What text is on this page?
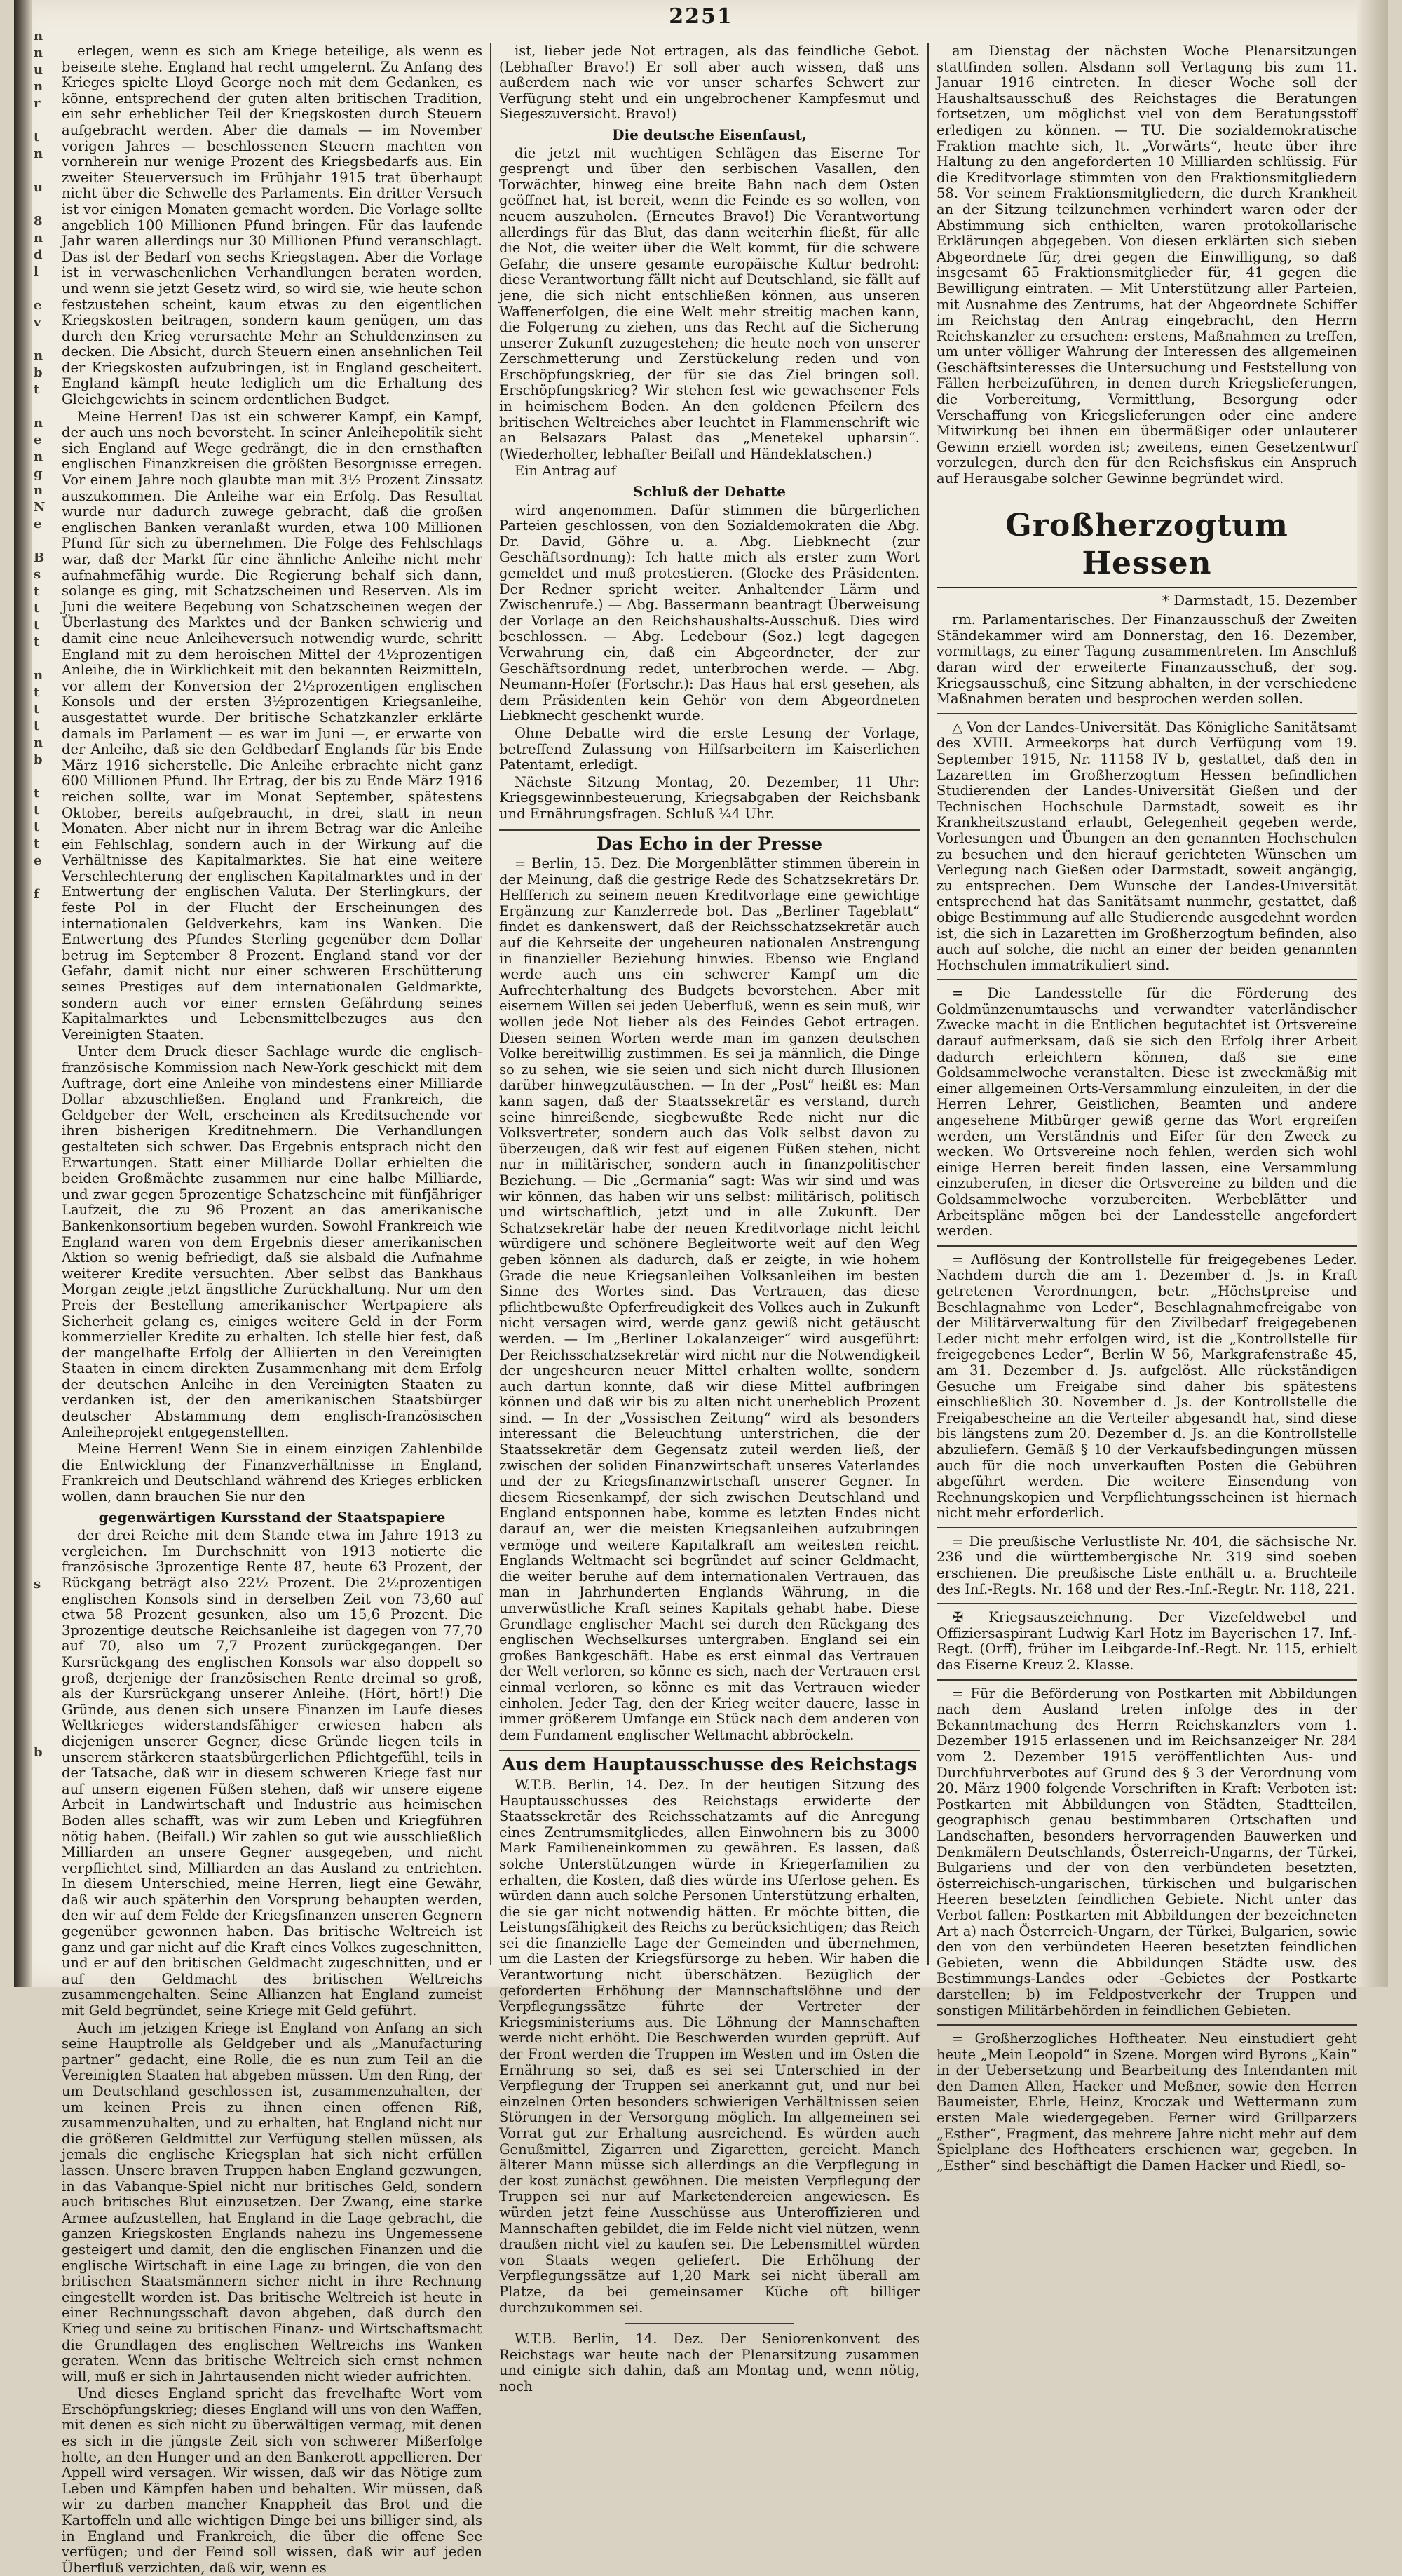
n
n
u
n
r

t
n

u

8
n
d
l

e
v

n
b
t

n
e
n
g
n
N
e

B
s
t
t
t
t

n
t
t
t
n
b

t
t
t
t
e

f

s

b
2251

erlegen, wenn es sich am Kriege beteilige, als wenn es beiseite stehe. England hat recht umgelernt. Zu Anfang des Krieges spielte Lloyd George noch mit dem Gedanken, es könne, entsprechend der guten alten britischen Tradition, ein sehr erheblicher Teil der Kriegskosten durch Steuern aufgebracht werden. Aber die damals — im November vorigen Jahres — beschlossenen Steuern machten von vornherein nur wenige Prozent des Kriegsbedarfs aus. Ein zweiter Steuerversuch im Frühjahr 1915 trat überhaupt nicht über die Schwelle des Parlaments. Ein dritter Versuch ist vor einigen Monaten gemacht worden. Die Vorlage sollte angeblich 100 Millionen Pfund bringen. Für das laufende Jahr waren allerdings nur 30 Millionen Pfund veranschlagt. Das ist der Bedarf von sechs Kriegstagen. Aber die Vorlage ist in verwaschenlichen Verhandlungen beraten worden, und wenn sie jetzt Gesetz wird, so wird sie, wie heute schon festzustehen scheint, kaum etwas zu den eigentlichen Kriegskosten beitragen, sondern kaum genügen, um das durch den Krieg verursachte Mehr an Schuldenzinsen zu decken. Die Absicht, durch Steuern einen ansehnlichen Teil der Kriegskosten aufzubringen, ist in England gescheitert. England kämpft heute lediglich um die Erhaltung des Gleichgewichts in seinem ordentlichen Budget.

Meine Herren! Das ist ein schwerer Kampf, ein Kampf, der auch uns noch bevorsteht. In seiner Anleihepolitik sieht sich England auf Wege gedrängt, die in den ernsthaften englischen Finanzkreisen die größten Besorgnisse erregen. Vor einem Jahre noch glaubte man mit 3½ Prozent Zinssatz auszukommen. Die Anleihe war ein Erfolg. Das Resultat wurde nur dadurch zuwege gebracht, daß die großen englischen Banken veranlaßt wurden, etwa 100 Millionen Pfund für sich zu übernehmen. Die Folge des Fehlschlags war, daß der Markt für eine ähnliche Anleihe nicht mehr aufnahmefähig wurde. Die Regierung behalf sich dann, solange es ging, mit Schatzscheinen und Reserven. Als im Juni die weitere Begebung von Schatzscheinen wegen der Überlastung des Marktes und der Banken schwierig und damit eine neue Anleiheversuch notwendig wurde, schritt England mit zu dem heroischen Mittel der 4½prozentigen Anleihe, die in Wirklichkeit mit den bekannten Reizmitteln, vor allem der Konversion der 2½prozentigen englischen Konsols und der ersten 3½prozentigen Kriegsanleihe, ausgestattet wurde. Der britische Schatzkanzler erklärte damals im Parlament — es war im Juni —, er erwarte von der Anleihe, daß sie den Geldbedarf Englands für bis Ende März 1916 sicherstelle. Die Anleihe erbrachte nicht ganz 600 Millionen Pfund. Ihr Ertrag, der bis zu Ende März 1916 reichen sollte, war im Monat September, spätestens Oktober, bereits aufgebraucht, in drei, statt in neun Monaten. Aber nicht nur in ihrem Betrag war die Anleihe ein Fehlschlag, sondern auch in der Wirkung auf die Verhältnisse des Kapitalmarktes. Sie hat eine weitere Verschlechterung der englischen Kapitalmarktes und in der Entwertung der englischen Valuta. Der Sterlingkurs, der feste Pol in der Flucht der Erscheinungen des internationalen Geldverkehrs, kam ins Wanken. Die Entwertung des Pfundes Sterling gegenüber dem Dollar betrug im September 8 Prozent. England stand vor der Gefahr, damit nicht nur einer schweren Erschütterung seines Prestiges auf dem internationalen Geldmarkte, sondern auch vor einer ernsten Gefährdung seines Kapitalmarktes und Lebensmittelbezuges aus den Vereinigten Staaten.

Unter dem Druck dieser Sachlage wurde die englisch-französische Kommission nach New-York geschickt mit dem Auftrage, dort eine Anleihe von mindestens einer Milliarde Dollar abzuschließen. England und Frankreich, die Geldgeber der Welt, erscheinen als Kreditsuchende vor ihren bisherigen Kreditnehmern. Die Verhandlungen gestalteten sich schwer. Das Ergebnis entsprach nicht den Erwartungen. Statt einer Milliarde Dollar erhielten die beiden Großmächte zusammen nur eine halbe Milliarde, und zwar gegen 5prozentige Schatzscheine mit fünfjähriger Laufzeit, die zu 96 Prozent an das amerikanische Bankenkonsortium begeben wurden. Sowohl Frankreich wie England waren von dem Ergebnis dieser amerikanischen Aktion so wenig befriedigt, daß sie alsbald die Aufnahme weiterer Kredite versuchten. Aber selbst das Bankhaus Morgan zeigte jetzt ängstliche Zurückhaltung. Nur um den Preis der Bestellung amerikanischer Wertpapiere als Sicherheit gelang es, einiges weitere Geld in der Form kommerzieller Kredite zu erhalten. Ich stelle hier fest, daß der mangelhafte Erfolg der Alliierten in den Vereinigten Staaten in einem direkten Zusammenhang mit dem Erfolg der deutschen Anleihe in den Vereinigten Staaten zu verdanken ist, der den amerikanischen Staatsbürger deutscher Abstammung dem englisch-französischen Anleiheprojekt entgegenstellten.

Meine Herren! Wenn Sie in einem einzigen Zahlenbilde die Entwicklung der Finanzverhältnisse in England, Frankreich und Deutschland während des Krieges erblicken wollen, dann brauchen Sie nur den

gegenwärtigen Kursstand der Staatspapiere

der drei Reiche mit dem Stande etwa im Jahre 1913 zu vergleichen. Im Durchschnitt von 1913 notierte die französische 3prozentige Rente 87, heute 63 Prozent, der Rückgang beträgt also 22½ Prozent. Die 2½prozentigen englischen Konsols sind in derselben Zeit von 73,60 auf etwa 58 Prozent gesunken, also um 15,6 Prozent. Die 3prozentige deutsche Reichsanleihe ist dagegen von 77,70 auf 70, also um 7,7 Prozent zurückgegangen. Der Kursrückgang des englischen Konsols war also doppelt so groß, derjenige der französischen Rente dreimal so groß, als der Kursrückgang unserer Anleihe. (Hört, hört!) Die Gründe, aus denen sich unsere Finanzen im Laufe dieses Weltkrieges widerstandsfähiger erwiesen haben als diejenigen unserer Gegner, diese Gründe liegen teils in unserem stärkeren staatsbürgerlichen Pflichtgefühl, teils in der Tatsache, daß wir in diesem schweren Kriege fast nur auf unsern eigenen Füßen stehen, daß wir unsere eigene Arbeit in Landwirtschaft und Industrie aus heimischen Boden alles schafft, was wir zum Leben und Kriegführen nötig haben. (Beifall.) Wir zahlen so gut wie ausschließlich Milliarden an unsere Gegner ausgegeben, und nicht verpflichtet sind, Milliarden an das Ausland zu entrichten. In diesem Unterschied, meine Herren, liegt eine Gewähr, daß wir auch späterhin den Vorsprung behaupten werden, den wir auf dem Felde der Kriegsfinanzen unseren Gegnern gegenüber gewonnen haben. Das britische Weltreich ist ganz und gar nicht auf die Kraft eines Volkes zugeschnitten, und er auf den britischen Geldmacht zugeschnitten, und er auf den Geldmacht des britischen Weltreichs zusammengehalten. Seine Allianzen hat England zumeist mit Geld begründet, seine Kriege mit Geld geführt.

Auch im jetzigen Kriege ist England von Anfang an sich seine Hauptrolle als Geldgeber und als „Manufacturing partner“ gedacht, eine Rolle, die es nun zum Teil an die Vereinigten Staaten hat abgeben müssen. Um den Ring, der um Deutschland geschlossen ist, zusammenzuhalten, der um keinen Preis zu ihnen einen offenen Riß, zusammenzuhalten, und zu erhalten, hat England nicht nur die größeren Geldmittel zur Verfügung stellen müssen, als jemals die englische Kriegsplan hat sich nicht erfüllen lassen. Unsere braven Truppen haben England gezwungen, in das Vabanque-Spiel nicht nur britisches Geld, sondern auch britisches Blut einzusetzen. Der Zwang, eine starke Armee aufzustellen, hat England in die Lage gebracht, die ganzen Kriegskosten Englands nahezu ins Ungemessene gesteigert und damit, den die englischen Finanzen und die englische Wirtschaft in eine Lage zu bringen, die von den britischen Staatsmännern sicher nicht in ihre Rechnung eingestellt worden ist. Das britische Weltreich ist heute in einer Rechnungsschaft davon abgeben, daß durch den Krieg und seine zu britischen Finanz- und Wirtschaftsmacht die Grundlagen des englischen Weltreichs ins Wanken geraten. Wenn das britische Weltreich sich ernst nehmen will, muß er sich in Jahrtausenden nicht wieder aufrichten.

Und dieses England spricht das frevelhafte Wort vom Erschöpfungskrieg; dieses England will uns von den Waffen, mit denen es sich nicht zu überwältigen vermag, mit denen es sich in die jüngste Zeit sich von schwerer Mißerfolge holte, an den Hunger und an den Bankerott appellieren. Der Appell wird versagen. Wir wissen, daß wir das Nötige zum Leben und Kämpfen haben und behalten. Wir müssen, daß wir zu darben mancher Knappheit das Brot und die Kartoffeln und alle wichtigen Dinge bei uns billiger sind, als in England und Frankreich, die über die offene See verfügen; und der Feind soll wissen, daß wir auf jeden Überfluß verzichten, daß wir, wenn es

ist, lieber jede Not ertragen, als das feindliche Gebot. (Lebhafter Bravo!) Er soll aber auch wissen, daß uns außerdem nach wie vor unser scharfes Schwert zur Verfügung steht und ein ungebrochener Kampfesmut und Siegeszuversicht. Bravo!)

Die deutsche Eisenfaust,

die jetzt mit wuchtigen Schlägen das Eiserne Tor gesprengt und über den serbischen Vasallen, den Torwächter, hinweg eine breite Bahn nach dem Osten geöffnet hat, ist bereit, wenn die Feinde es so wollen, von neuem auszuholen. (Erneutes Bravo!) Die Verantwortung allerdings für das Blut, das dann weiterhin fließt, für alle die Not, die weiter über die Welt kommt, für die schwere Gefahr, die unsere gesamte europäische Kultur bedroht: diese Verantwortung fällt nicht auf Deutschland, sie fällt auf jene, die sich nicht entschließen können, aus unseren Waffenerfolgen, die eine Welt mehr streitig machen kann, die Folgerung zu ziehen, uns das Recht auf die Sicherung unserer Zukunft zuzugestehen; die heute noch von unserer Zerschmetterung und Zerstückelung reden und von Erschöpfungskrieg, der für sie das Ziel bringen soll. Erschöpfungskrieg? Wir stehen fest wie gewachsener Fels in heimischem Boden. An den goldenen Pfeilern des britischen Weltreiches aber leuchtet in Flammenschrift wie an Belsazars Palast das „Menetekel upharsin“. (Wiederholter, lebhafter Beifall und Händeklatschen.)

Ein Antrag auf

Schluß der Debatte

wird angenommen. Dafür stimmen die bürgerlichen Parteien geschlossen, von den Sozialdemokraten die Abg. Dr. David, Göhre u. a. Abg. Liebknecht (zur Geschäftsordnung): Ich hatte mich als erster zum Wort gemeldet und muß protestieren. (Glocke des Präsidenten. Der Redner spricht weiter. Anhaltender Lärm und Zwischenrufe.) — Abg. Bassermann beantragt Überweisung der Vorlage an den Reichshaushalts-Ausschuß. Dies wird beschlossen. — Abg. Ledebour (Soz.) legt dagegen Verwahrung ein, daß ein Abgeordneter, der zur Geschäftsordnung redet, unterbrochen werde. — Abg. Neumann-Hofer (Fortschr.): Das Haus hat erst gesehen, als dem Präsidenten kein Gehör von dem Abgeordneten Liebknecht geschenkt wurde.

Ohne Debatte wird die erste Lesung der Vorlage, betreffend Zulassung von Hilfsarbeitern im Kaiserlichen Patentamt, erledigt.

Nächste Sitzung Montag, 20. Dezember, 11 Uhr: Kriegsgewinnbesteuerung, Kriegsabgaben der Reichsbank und Ernährungsfragen. Schluß ¼4 Uhr.

Das Echo in der Presse

= Berlin, 15. Dez. Die Morgenblätter stimmen überein in der Meinung, daß die gestrige Rede des Schatzsekretärs Dr. Helfferich zu seinem neuen Kreditvorlage eine gewichtige Ergänzung zur Kanzlerrede bot. Das „Berliner Tageblatt“ findet es dankenswert, daß der Reichsschatzsekretär auch auf die Kehrseite der ungeheuren nationalen Anstrengung in finanzieller Beziehung hinwies. Ebenso wie England werde auch uns ein schwerer Kampf um die Aufrechterhaltung des Budgets bevorstehen. Aber mit eisernem Willen sei jeden Ueberfluß, wenn es sein muß, wir wollen jede Not lieber als des Feindes Gebot ertragen. Diesen seinen Worten werde man im ganzen deutschen Volke bereitwillig zustimmen. Es sei ja männlich, die Dinge so zu sehen, wie sie seien und sich nicht durch Illusionen darüber hinwegzutäuschen. — In der „Post“ heißt es: Man kann sagen, daß der Staatssekretär es verstand, durch seine hinreißende, siegbewußte Rede nicht nur die Volksvertreter, sondern auch das Volk selbst davon zu überzeugen, daß wir fest auf eigenen Füßen stehen, nicht nur in militärischer, sondern auch in finanzpolitischer Beziehung. — Die „Germania“ sagt: Was wir sind und was wir können, das haben wir uns selbst: militärisch, politisch und wirtschaftlich, jetzt und in alle Zukunft. Der Schatzsekretär habe der neuen Kreditvorlage nicht leicht würdigere und schönere Begleitworte weit auf den Weg geben können als dadurch, daß er zeigte, in wie hohem Grade die neue Kriegsanleihen Volksanleihen im besten Sinne des Wortes sind. Das Vertrauen, das diese pflichtbewußte Opferfreudigkeit des Volkes auch in Zukunft nicht versagen wird, werde ganz gewiß nicht getäuscht werden. — Im „Berliner Lokalanzeiger“ wird ausgeführt: Der Reichsschatzsekretär wird nicht nur die Notwendigkeit der ungesheuren neuer Mittel erhalten wollte, sondern auch dartun konnte, daß wir diese Mittel aufbringen können und daß wir bis zu alten nicht unerheblich Prozent sind. — In der „Vossischen Zeitung“ wird als besonders interessant die Beleuchtung unterstrichen, die der Staatssekretär dem Gegensatz zuteil werden ließ, der zwischen der soliden Finanzwirtschaft unseres Vaterlandes und der zu Kriegsfinanzwirtschaft unserer Gegner. In diesem Riesenkampf, der sich zwischen Deutschland und England entsponnen habe, komme es letzten Endes nicht darauf an, wer die meisten Kriegsanleihen aufzubringen vermöge und weitere Kapitalkraft am weitesten reicht. Englands Weltmacht sei begründet auf seiner Geldmacht, die weiter beruhe auf dem internationalen Vertrauen, das man in Jahrhunderten Englands Währung, in die unverwüstliche Kraft seines Kapitals gehabt habe. Diese Grundlage englischer Macht sei durch den Rückgang des englischen Wechselkurses untergraben. England sei ein großes Bankgeschäft. Habe es erst einmal das Vertrauen der Welt verloren, so könne es sich, nach der Vertrauen erst einmal verloren, so könne es mit das Vertrauen wieder einholen. Jeder Tag, den der Krieg weiter dauere, lasse in immer größerem Umfange ein Stück nach dem anderen von dem Fundament englischer Weltmacht abbröckeln.

Aus dem Hauptausschusse des Reichstags

W.T.B. Berlin, 14. Dez. In der heutigen Sitzung des Hauptausschusses des Reichstags erwiderte der Staatssekretär des Reichsschatzamts auf die Anregung eines Zentrumsmitgliedes, allen Einwohnern bis zu 3000 Mark Familieneinkommen zu gewähren. Es lassen, daß solche Unterstützungen würde in Kriegerfamilien zu erhalten, die Kosten, daß dies würde ins Uferlose gehen. Es würden dann auch solche Personen Unterstützung erhalten, die sie gar nicht notwendig hätten. Er möchte bitten, die Leistungsfähigkeit des Reichs zu berücksichtigen; das Reich sei die finanzielle Lage der Gemeinden und übernehmen, um die Lasten der Kriegsfürsorge zu heben. Wir haben die Verantwortung nicht überschätzen. Bezüglich der geforderten Erhöhung der Mannschaftslöhne und der Verpflegungssätze führte der Vertreter der Kriegsministeriums aus. Die Löhnung der Mannschaften werde nicht erhöht. Die Beschwerden wurden geprüft. Auf der Front werden die Truppen im Westen und im Osten die Ernährung so sei, daß es sei sei Unterschied in der Verpflegung der Truppen sei anerkannt gut, und nur bei einzelnen Orten besonders schwierigen Verhältnissen seien Störungen in der Versorgung möglich. Im allgemeinen sei Vorrat gut zur Erhaltung ausreichend. Es würden auch Genußmittel, Zigarren und Zigaretten, gereicht. Manch älterer Mann müsse sich allerdings an die Verpflegung in der kost zunächst gewöhnen. Die meisten Verpflegung der Truppen sei nur auf Marketendereien angewiesen. Es würden jetzt feine Ausschüsse aus Unteroffizieren und Mannschaften gebildet, die im Felde nicht viel nützen, wenn draußen nicht viel zu kaufen sei. Die Lebensmittel würden von Staats wegen geliefert. Die Erhöhung der Verpflegungssätze auf 1,20 Mark sei nicht überall am Platze, da bei gemeinsamer Küche oft billiger durchzukommen sei.

W.T.B. Berlin, 14. Dez. Der Seniorenkonvent des Reichstags war heute nach der Plenarsitzung zusammen und einigte sich dahin, daß am Montag und, wenn nötig, noch

am Dienstag der nächsten Woche Plenarsitzungen stattfinden sollen. Alsdann soll Vertagung bis zum 11. Januar 1916 eintreten. In dieser Woche soll der Haushaltsausschuß des Reichstages die Beratungen fortsetzen, um möglichst viel von dem Beratungsstoff erledigen zu können. — TU. Die sozialdemokratische Fraktion machte sich, lt. „Vorwärts“, heute über ihre Haltung zu den angeforderten 10 Milliarden schlüssig. Für die Kreditvorlage stimmten von den Fraktionsmitgliedern 58. Vor seinem Fraktionsmitgliedern, die durch Krankheit an der Sitzung teilzunehmen verhindert waren oder der Abstimmung sich enthielten, waren protokollarische Erklärungen abgegeben. Von diesen erklärten sich sieben Abgeordnete für, drei gegen die Einwilligung, so daß insgesamt 65 Fraktionsmitglieder für, 41 gegen die Bewilligung eintraten. — Mit Unterstützung aller Parteien, mit Ausnahme des Zentrums, hat der Abgeordnete Schiffer im Reichstag den Antrag eingebracht, den Herrn Reichskanzler zu ersuchen: erstens, Maßnahmen zu treffen, um unter völliger Wahrung der Interessen des allgemeinen Geschäftsinteresses die Untersuchung und Feststellung von Fällen herbeizuführen, in denen durch Kriegslieferungen, die Vorbereitung, Vermittlung, Besorgung oder Verschaffung von Kriegslieferungen oder eine andere Mitwirkung bei ihnen ein übermäßiger oder unlauterer Gewinn erzielt worden ist; zweitens, einen Gesetzentwurf vorzulegen, durch den für den Reichsfiskus ein Anspruch auf Herausgabe solcher Gewinne begründet wird.

Großherzogtum Hessen
* Darmstadt, 15. Dezember

rm. Parlamentarisches. Der Finanzausschuß der Zweiten Ständekammer wird am Donnerstag, den 16. Dezember, vormittags, zu einer Tagung zusammentreten. Im Anschluß daran wird der erweiterte Finanzausschuß, der sog. Kriegsausschuß, eine Sitzung abhalten, in der verschiedene Maßnahmen beraten und besprochen werden sollen.

△ Von der Landes-Universität. Das Königliche Sanitätsamt des XVIII. Armeekorps hat durch Verfügung vom 19. September 1915, Nr. 11158 IV b, gestattet, daß den in Lazaretten im Großherzogtum Hessen befindlichen Studierenden der Landes-Universität Gießen und der Technischen Hochschule Darmstadt, soweit es ihr Krankheitszustand erlaubt, Gelegenheit gegeben werde, Vorlesungen und Übungen an den genannten Hochschulen zu besuchen und den hierauf gerichteten Wünschen um Verlegung nach Gießen oder Darmstadt, soweit angängig, zu entsprechen. Dem Wunsche der Landes-Universität entsprechend hat das Sanitätsamt nunmehr, gestattet, daß obige Bestimmung auf alle Studierende ausgedehnt worden ist, die sich in Lazaretten im Großherzogtum befinden, also auch auf solche, die nicht an einer der beiden genannten Hochschulen immatrikuliert sind.

= Die Landesstelle für die Förderung des Goldmünzenumtauschs und verwandter vaterländischer Zwecke macht in die Entlichen begutachtet ist Ortsvereine darauf aufmerksam, daß sie sich den Erfolg ihrer Arbeit dadurch erleichtern können, daß sie eine Goldsammelwoche veranstalten. Diese ist zweckmäßig mit einer allgemeinen Orts-Versammlung einzuleiten, in der die Herren Lehrer, Geistlichen, Beamten und andere angesehene Mitbürger gewiß gerne das Wort ergreifen werden, um Verständnis und Eifer für den Zweck zu wecken. Wo Ortsvereine noch fehlen, werden sich wohl einige Herren bereit finden lassen, eine Versammlung einzuberufen, in dieser die Ortsvereine zu bilden und die Goldsammelwoche vorzubereiten. Werbeblätter und Arbeitspläne mögen bei der Landesstelle angefordert werden.

= Auflösung der Kontrollstelle für freigegebenes Leder. Nachdem durch die am 1. Dezember d. Js. in Kraft getretenen Verordnungen, betr. „Höchstpreise und Beschlagnahme von Leder“, Beschlagnahmefreigabe von der Militärverwaltung für den Zivilbedarf freigegebenen Leder nicht mehr erfolgen wird, ist die „Kontrollstelle für freigegebenes Leder“, Berlin W 56, Markgrafenstraße 45, am 31. Dezember d. Js. aufgelöst. Alle rückständigen Gesuche um Freigabe sind daher bis spätestens einschließlich 30. November d. Js. der Kontrollstelle die Freigabescheine an die Verteiler abgesandt hat, sind diese bis längstens zum 20. Dezember d. Js. an die Kontrollstelle abzuliefern. Gemäß § 10 der Verkaufsbedingungen müssen auch für die noch unverkauften Posten die Gebühren abgeführt werden. Die weitere Einsendung von Rechnungskopien und Verpflichtungsscheinen ist hiernach nicht mehr erforderlich.

= Die preußische Verlustliste Nr. 404, die sächsische Nr. 236 und die württembergische Nr. 319 sind soeben erschienen. Die preußische Liste enthält u. a. Bruchteile des Inf.-Regts. Nr. 168 und der Res.-Inf.-Regtr. Nr. 118, 221.

✠ Kriegsauszeichnung. Der Vizefeldwebel und Offiziersaspirant Ludwig Karl Hotz im Bayerischen 17. Inf.-Regt. (Orff), früher im Leibgarde-Inf.-Regt. Nr. 115, erhielt das Eiserne Kreuz 2. Klasse.

= Für die Beförderung von Postkarten mit Abbildungen nach dem Ausland treten infolge des in der Bekanntmachung des Herrn Reichskanzlers vom 1. Dezember 1915 erlassenen und im Reichsanzeiger Nr. 284 vom 2. Dezember 1915 veröffentlichten Aus- und Durchfuhrverbotes auf Grund des § 3 der Verordnung vom 20. März 1900 folgende Vorschriften in Kraft: Verboten ist: Postkarten mit Abbildungen von Städten, Stadtteilen, geographisch genau bestimmbaren Ortschaften und Landschaften, besonders hervorragenden Bauwerken und Denkmälern Deutschlands, Österreich-Ungarns, der Türkei, Bulgariens und der von den verbündeten besetzten, österreichisch-ungarischen, türkischen und bulgarischen Heeren besetzten feindlichen Gebiete. Nicht unter das Verbot fallen: Postkarten mit Abbildungen der bezeichneten Art a) nach Österreich-Ungarn, der Türkei, Bulgarien, sowie den von den verbündeten Heeren besetzten feindlichen Gebieten, wenn die Abbildungen Städte usw. des Bestimmungs-Landes oder -Gebietes der Postkarte darstellen; b) im Feldpostverkehr der Truppen und sonstigen Militärbehörden in feindlichen Gebieten.

= Großherzogliches Hoftheater. Neu einstudiert geht heute „Mein Leopold“ in Szene. Morgen wird Byrons „Kain“ in der Uebersetzung und Bearbeitung des Intendanten mit den Damen Allen, Hacker und Meßner, sowie den Herren Baumeister, Ehrle, Heinz, Kroczak und Wettermann zum ersten Male wiedergegeben. Ferner wird Grillparzers „Esther“, Fragment, das mehrere Jahre nicht mehr auf dem Spielplane des Hoftheaters erschienen war, gegeben. In „Esther“ sind beschäftigt die Damen Hacker und Riedl, so-
